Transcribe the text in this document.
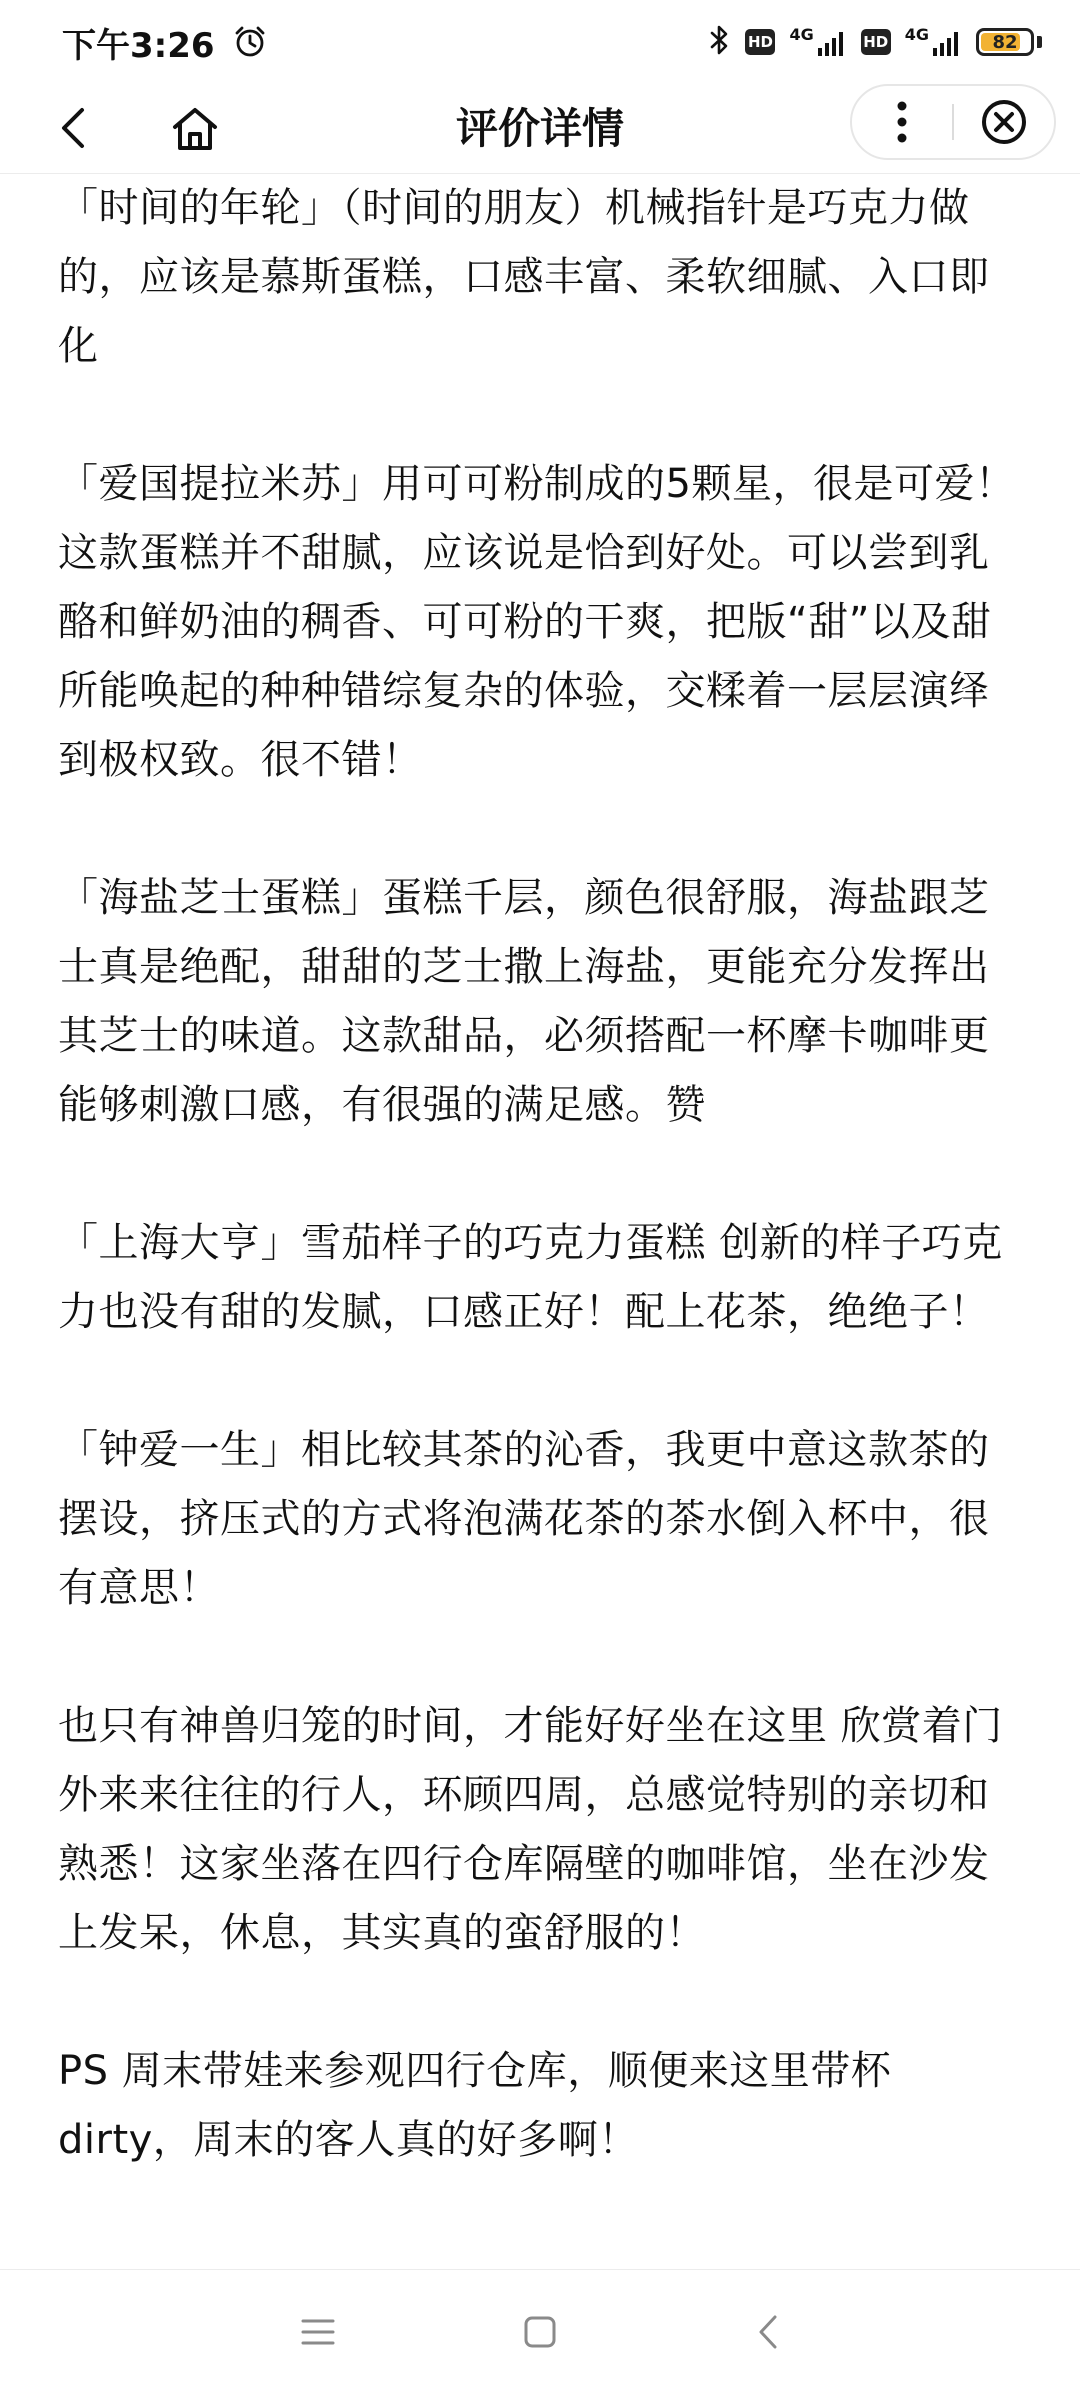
下午3:26	HD 4G	HD 4G	82
评价详情

「时间的年轮」（时间的朋友）机械指针是巧克力做的，应该是慕斯蛋糕，口感丰富、柔软细腻、入口即化

「爱国提拉米苏」用可可粉制成的5颗星，很是可爱！这款蛋糕并不甜腻，应该说是恰到好处。可以尝到乳酪和鲜奶油的稠香、可可粉的干爽，把版“甜”以及甜所能唤起的种种错综复杂的体验，交糅着一层层演绎到极权致。很不错！

「海盐芝士蛋糕」蛋糕千层，颜色很舒服，海盐跟芝士真是绝配，甜甜的芝士撒上海盐，更能充分发挥出其芝士的味道。这款甜品，必须搭配一杯摩卡咖啡更能够刺激口感，有很强的满足感。赞

「上海大亨」雪茄样子的巧克力蛋糕 创新的样子巧克力也没有甜的发腻，口感正好！配上花茶，绝绝子！

「钟爱一生」相比较其茶的沁香，我更中意这款茶的摆设，挤压式的方式将泡满花茶的茶水倒入杯中，很有意思！

也只有神兽归笼的时间，才能好好坐在这里 欣赏着门外来来往往的行人，环顾四周，总感觉特别的亲切和熟悉！这家坐落在四行仓库隔壁的咖啡馆，坐在沙发上发呆，休息，其实真的蛮舒服的！

PS 周末带娃来参观四行仓库，顺便来这里带杯dirty，周末的客人真的好多啊！
